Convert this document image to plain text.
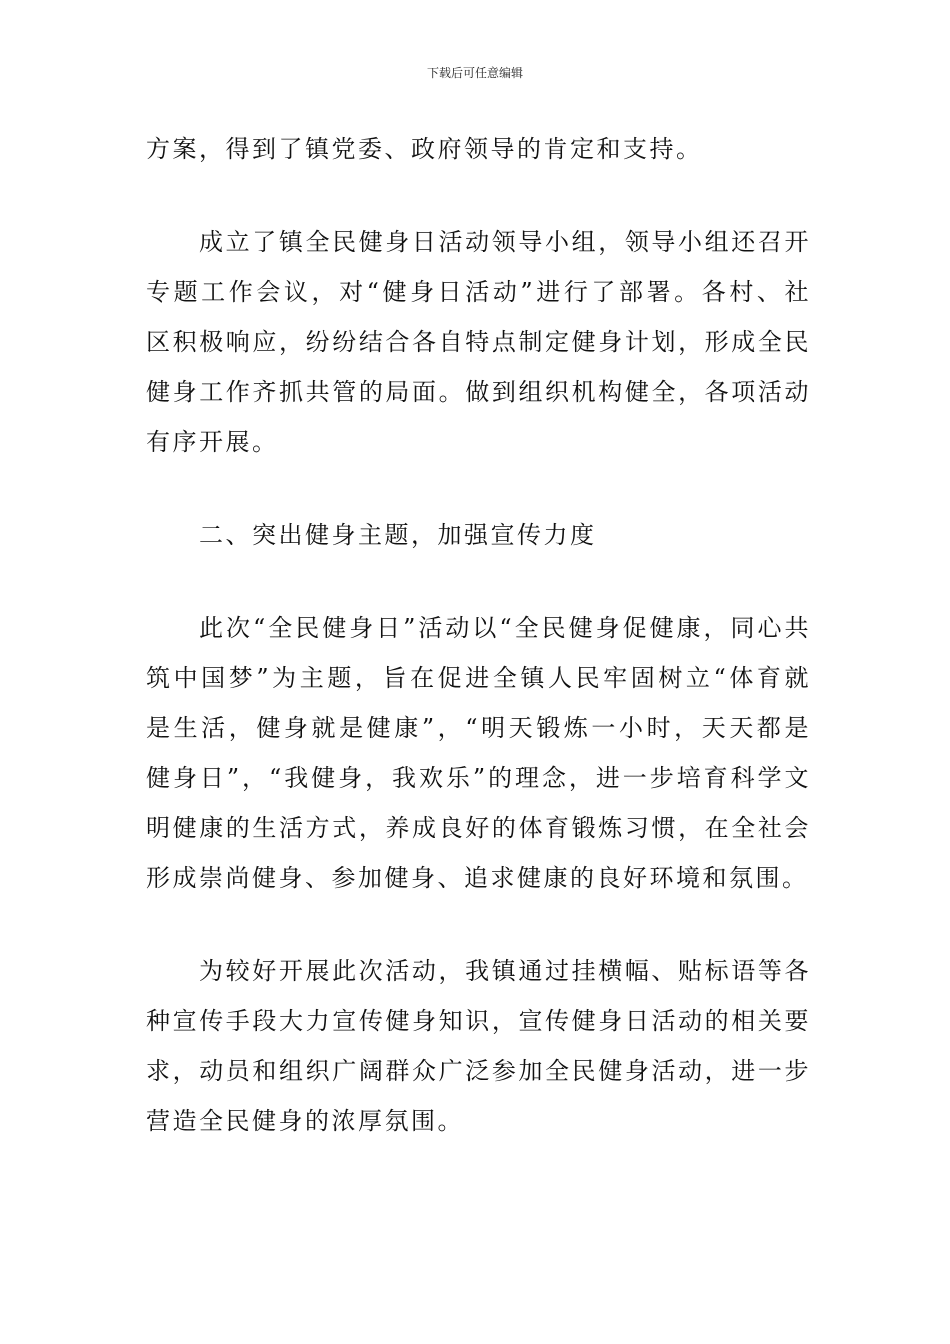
下载后可任意编辑

方案，得到了镇党委、政府领导的肯定和支持。

成立了镇全民健身日活动领导小组，领导小组还召开专题工作会议，对“健身日活动”进行了部署。各村、社区积极响应，纷纷结合各自特点制定健身计划，形成全民健身工作齐抓共管的局面。做到组织机构健全，各项活动有序开展。

二、突出健身主题，加强宣传力度

此次“全民健身日”活动以“全民健身促健康，同心共筑中国梦”为主题，旨在促进全镇人民牢固树立“体育就是生活，健身就是健康”，“明天锻炼一小时，天天都是健身日”，“我健身，我欢乐”的理念，进一步培育科学文明健康的生活方式，养成良好的体育锻炼习惯，在全社会形成崇尚健身、参加健身、追求健康的良好环境和氛围。

为较好开展此次活动，我镇通过挂横幅、贴标语等各种宣传手段大力宣传健身知识，宣传健身日活动的相关要求，动员和组织广阔群众广泛参加全民健身活动，进一步营造全民健身的浓厚氛围。
